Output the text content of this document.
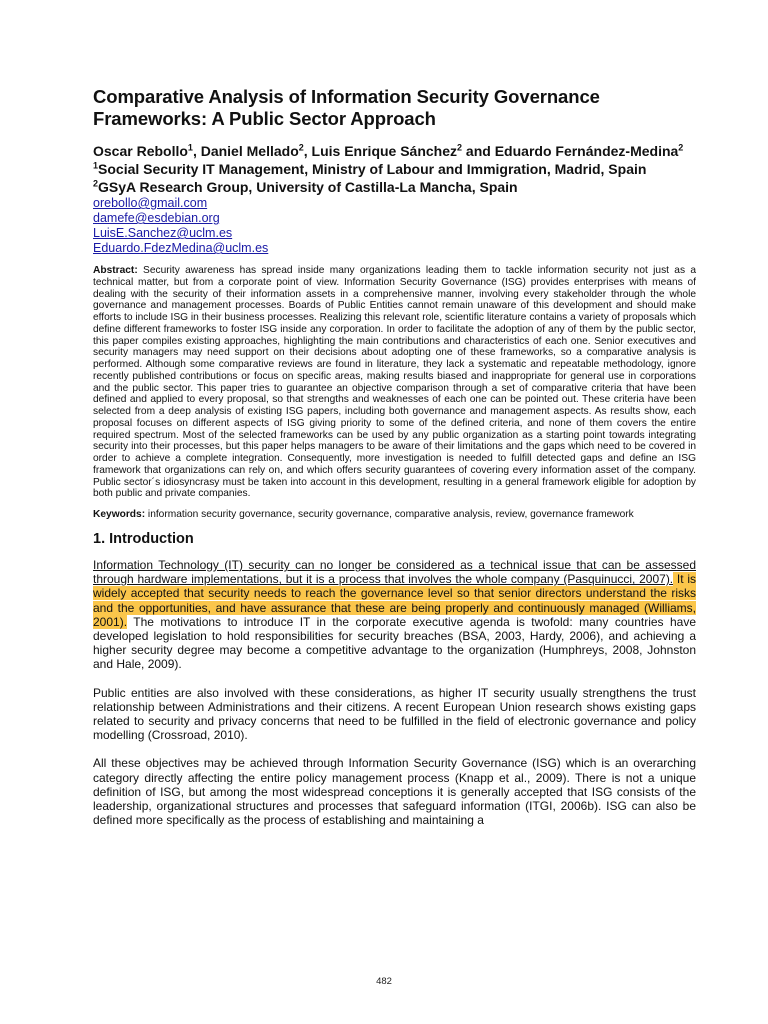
Comparative Analysis of Information Security Governance Frameworks: A Public Sector Approach

Oscar Rebollo$^1$, Daniel Mellado$^2$, Luis Enrique Sánchez$^2$ and Eduardo Fernández-Medina$^2$

$^1$Social Security IT Management, Ministry of Labour and Immigration, Madrid, Spain

$^2$GSyA Research Group, University of Castilla-La Mancha, Spain

orebollo@gmail.com
damefe@esdebian.org
LuisE.Sanchez@uclm.es
Eduardo.FdezMedina@uclm.es

Abstract: Security awareness has spread inside many organizations leading them to tackle information security not just as a technical matter, but from a corporate point of view. Information Security Governance (ISG) provides enterprises with means of dealing with the security of their information assets in a comprehensive manner, involving every stakeholder through the whole governance and management processes. Boards of Public Entities cannot remain unaware of this development and should make efforts to include ISG in their business processes. Realizing this relevant role, scientific literature contains a variety of proposals which define different frameworks to foster ISG inside any corporation. In order to facilitate the adoption of any of them by the public sector, this paper compiles existing approaches, highlighting the main contributions and characteristics of each one. Senior executives and security managers may need support on their decisions about adopting one of these frameworks, so a comparative analysis is performed. Although some comparative reviews are found in literature, they lack a systematic and repeatable methodology, ignore recently published contributions or focus on specific areas, making results biased and inappropriate for general use in corporations and the public sector. This paper tries to guarantee an objective comparison through a set of comparative criteria that have been defined and applied to every proposal, so that strengths and weaknesses of each one can be pointed out. These criteria have been selected from a deep analysis of existing ISG papers, including both governance and management aspects. As results show, each proposal focuses on different aspects of ISG giving priority to some of the defined criteria, and none of them covers the entire required spectrum. Most of the selected frameworks can be used by any public organization as a starting point towards integrating security into their processes, but this paper helps managers to be aware of their limitations and the gaps which need to be covered in order to achieve a complete integration. Consequently, more investigation is needed to fulfill detected gaps and define an ISG framework that organizations can rely on, and which offers security guarantees of covering every information asset of the company. Public sector´s idiosyncrasy must be taken into account in this development, resulting in a general framework eligible for adoption by both public and private companies.

Keywords: information security governance, security governance, comparative analysis, review, governance framework

1. Introduction

Information Technology (IT) security can no longer be considered as a technical issue that can be assessed through hardware implementations, but it is a process that involves the whole company (Pasquinucci, 2007). It is widely accepted that security needs to reach the governance level so that senior directors understand the risks and the opportunities, and have assurance that these are being properly and continuously managed (Williams, 2001). The motivations to introduce IT in the corporate executive agenda is twofold: many countries have developed legislation to hold responsibilities for security breaches (BSA, 2003, Hardy, 2006), and achieving a higher security degree may become a competitive advantage to the organization (Humphreys, 2008, Johnston and Hale, 2009).

Public entities are also involved with these considerations, as higher IT security usually strengthens the trust relationship between Administrations and their citizens. A recent European Union research shows existing gaps related to security and privacy concerns that need to be fulfilled in the field of electronic governance and policy modelling (Crossroad, 2010).

All these objectives may be achieved through Information Security Governance (ISG) which is an overarching category directly affecting the entire policy management process (Knapp et al., 2009). There is not a unique definition of ISG, but among the most widespread conceptions it is generally accepted that ISG consists of the leadership, organizational structures and processes that safeguard information (ITGI, 2006b). ISG can also be defined more specifically as the process of establishing and maintaining a

482
